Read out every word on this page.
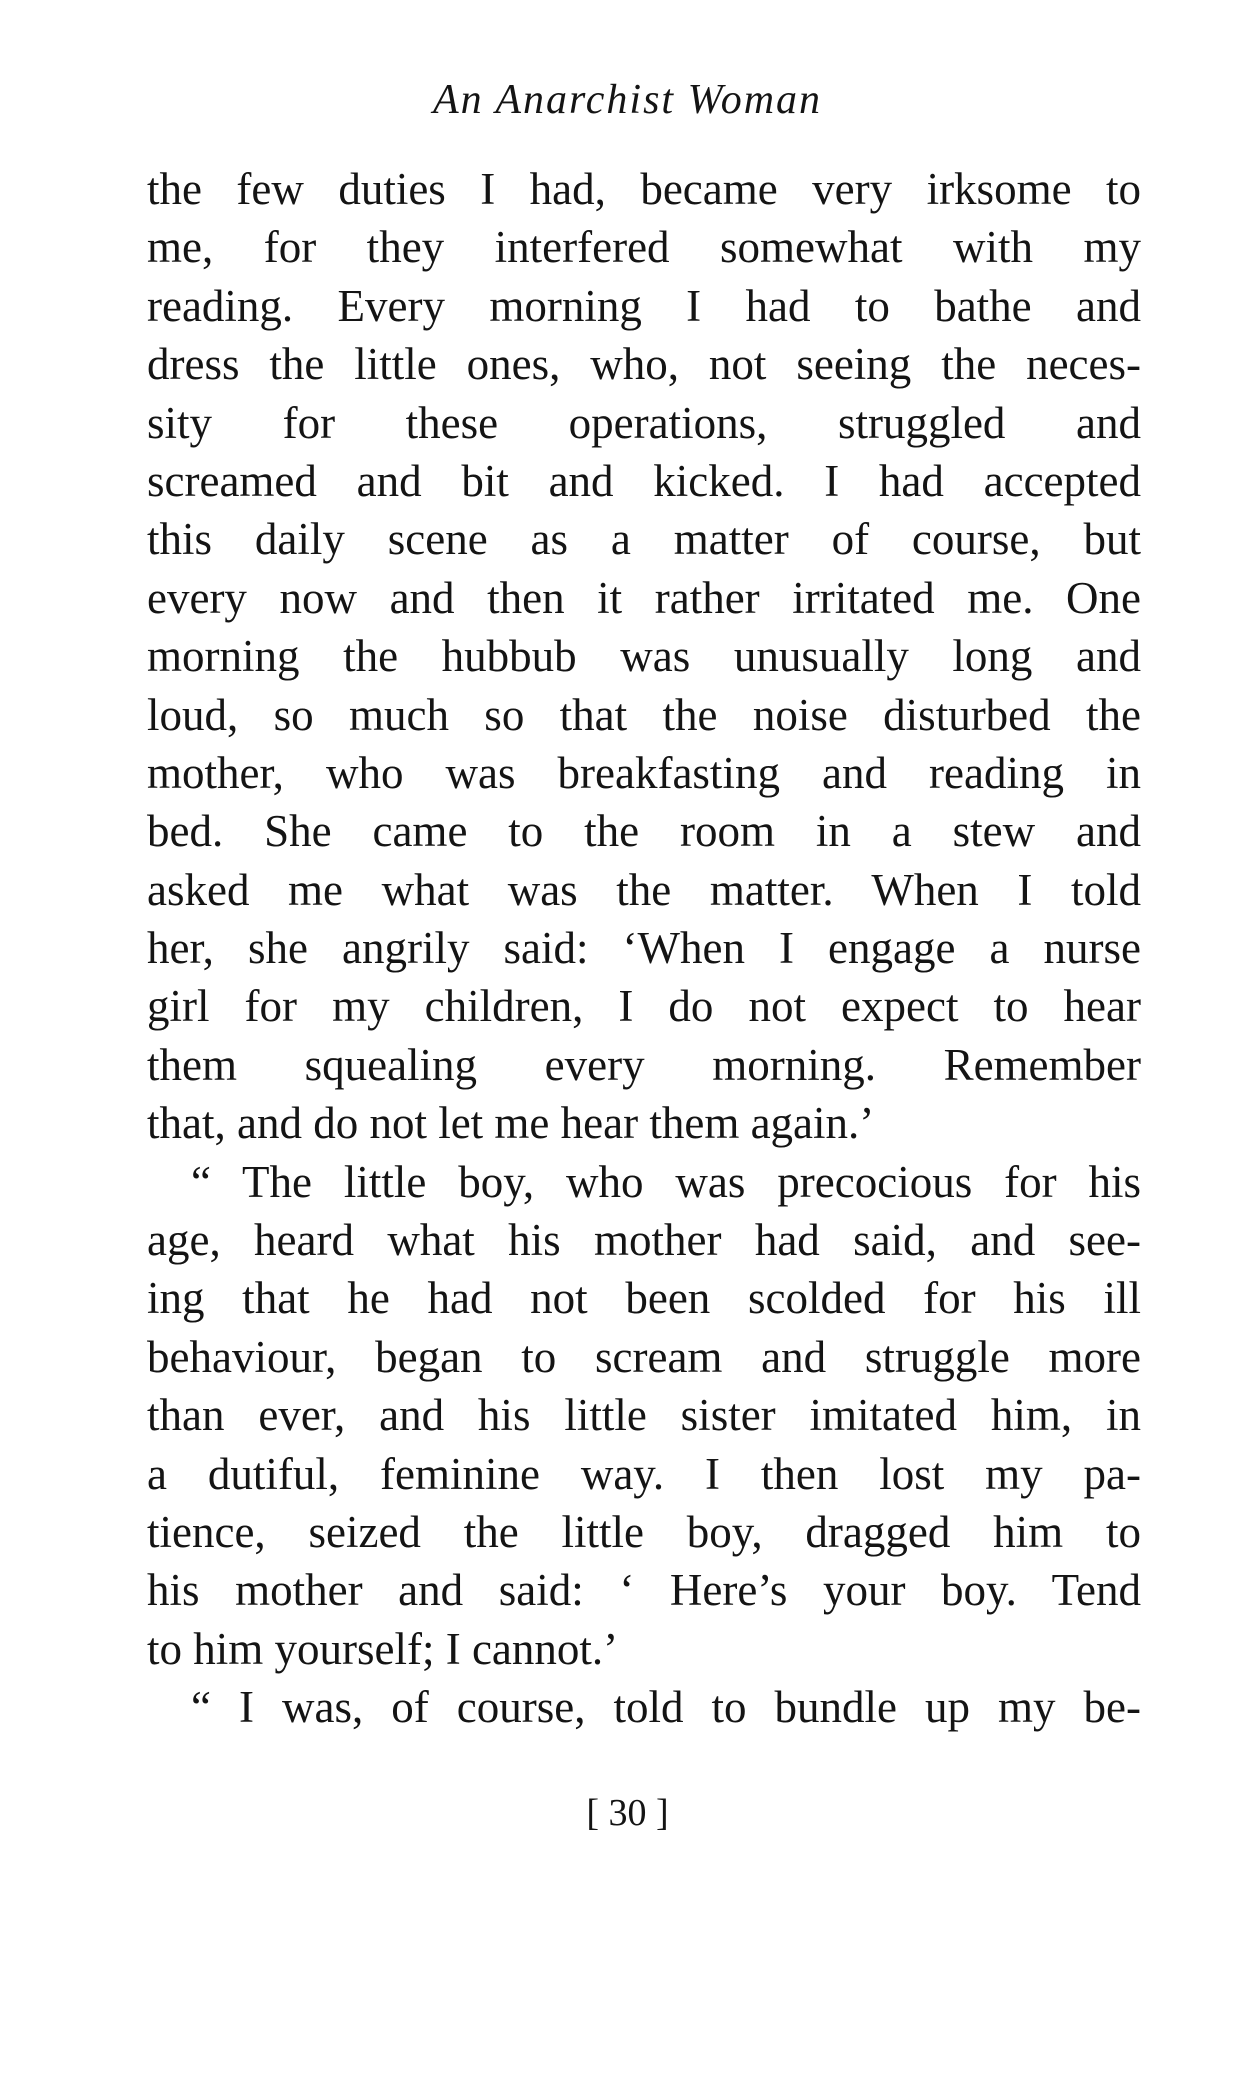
An Anarchist Woman
the few duties I had, became very irksome to
me, for they interfered somewhat with my
reading. Every morning I had to bathe and
dress the little ones, who, not seeing the neces-
sity for these operations, struggled and
screamed and bit and kicked. I had accepted
this daily scene as a matter of course, but
every now and then it rather irritated me. One
morning the hubbub was unusually long and
loud, so much so that the noise disturbed the
mother, who was breakfasting and reading in
bed. She came to the room in a stew and
asked me what was the matter. When I told
her, she angrily said: ‘When I engage a nurse
girl for my children, I do not expect to hear
them squealing every morning. Remember
that, and do not let me hear them again.’
“ The little boy, who was precocious for his
age, heard what his mother had said, and see-
ing that he had not been scolded for his ill
behaviour, began to scream and struggle more
than ever, and his little sister imitated him, in
a dutiful, feminine way. I then lost my pa-
tience, seized the little boy, dragged him to
his mother and said: ‘ Here’s your boy. Tend
to him yourself; I cannot.’
“ I was, of course, told to bundle up my be-
[ 30 ]
